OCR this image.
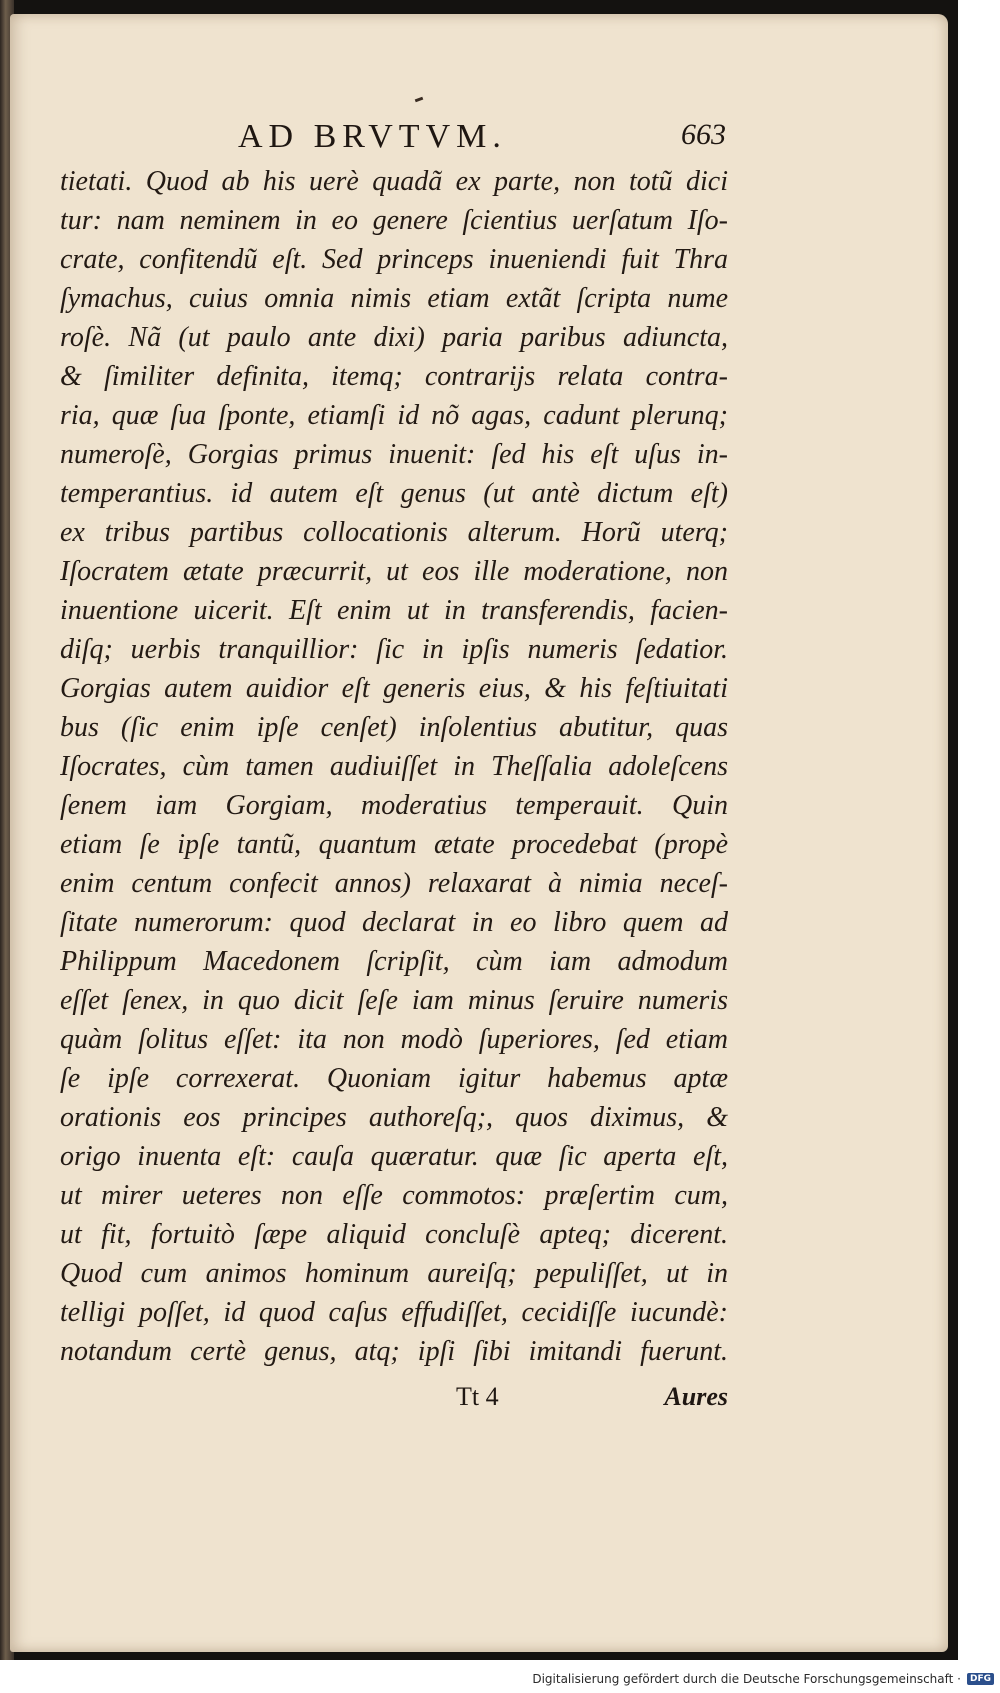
AD BRVTVM.	663
tietati. Quod ab his uerè quadã ex parte, non totũ dici
tur: nam neminem in eo genere ſcientius uerſatum Iſo-
crate, confitendũ eſt. Sed princeps inueniendi fuit Thra
ſymachus, cuius omnia nimis etiam extãt ſcripta nume
roſè. Nã (ut paulo ante dixi) paria paribus adiuncta,
& ſimiliter definita, itemq; contrarijs relata contra-
ria, quæ ſua ſponte, etiamſi id nõ agas, cadunt plerunq;
numeroſè, Gorgias primus inuenit: ſed his eſt uſus in-
temperantius. id autem eſt genus (ut antè dictum eſt)
ex tribus partibus collocationis alterum. Horũ uterq;
Iſocratem ætate præcurrit, ut eos ille moderatione, non
inuentione uicerit. Eſt enim ut in transferendis, facien-
diſq; uerbis tranquillior: ſic in ipſis numeris ſedatior.
Gorgias autem auidior eſt generis eius, & his feſtiuitati
bus (ſic enim ipſe cenſet) inſolentius abutitur, quas
Iſocrates, cùm tamen audiuiſſet in Theſſalia adoleſcens
ſenem iam Gorgiam, moderatius temperauit. Quin
etiam ſe ipſe tantũ, quantum ætate procedebat (propè
enim centum confecit annos) relaxarat à nimia neceſ-
ſitate numerorum: quod declarat in eo libro quem ad
Philippum Macedonem ſcripſit, cùm iam admodum
eſſet ſenex, in quo dicit ſeſe iam minus ſeruire numeris
quàm ſolitus eſſet: ita non modò ſuperiores, ſed etiam
ſe ipſe correxerat. Quoniam igitur habemus aptæ
orationis eos principes authoreſq;, quos diximus, &
origo inuenta eſt: cauſa quæratur. quæ ſic aperta eſt,
ut mirer ueteres non eſſe commotos: præſertim cum,
ut fit, fortuitò ſæpe aliquid concluſè apteq; dicerent.
Quod cum animos hominum aureiſq; pepuliſſet, ut in
telligi poſſet, id quod caſus effudiſſet, cecidiſſe iucundè:
notandum certè genus, atq; ipſi ſibi imitandi fuerunt.
Tt 4	Aures
Digitalisierung gefördert durch die Deutsche Forschungsgemeinschaft ·	DFG
